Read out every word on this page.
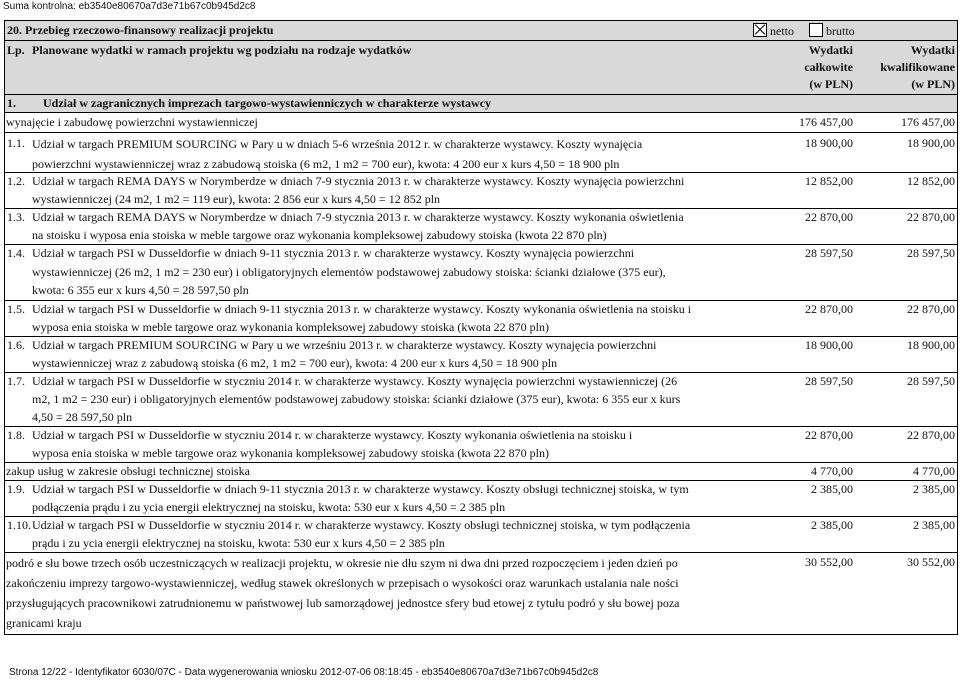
Suma kontrolna: eb3540e80670a7d3e71b67c0b945d2c8
20. Przebieg rzeczowo-finansowy realizacji projektu	netto	brutto
Lp. Planowane wydatki w ramach projektu wg podziału na rodzaje wydatków	Wydatki
całkowite
(w PLN)
Wydatki
kwalifikowane
(w PLN)
1. Udział w zagranicznych imprezach targowo-wystawienniczych w charakterze wystawcy
wynajęcie i zabudowę powierzchni wystawienniczej	176 457,00	176 457,00
1.1. Udział w targach PREMIUM SOURCING w Pary u w dniach 5-6 września 2012 r. w charakterze wystawcy. Koszty wynajęcia
powierzchni wystawienniczej wraz z zabudową stoiska (6 m2, 1 m2 = 700 eur), kwota: 4 200 eur x kurs 4,50 = 18 900 pln
18 900,00	18 900,00
1.2. Udział w targach REMA DAYS w Norymberdze w dniach 7-9 stycznia 2013 r. w charakterze wystawcy. Koszty wynajęcia powierzchni
wystawienniczej (24 m2, 1 m2 = 119 eur), kwota: 2 856 eur x kurs 4,50 = 12 852 pln
12 852,00	12 852,00
1.3. Udział w targach REMA DAYS w Norymberdze w dniach 7-9 stycznia 2013 r. w charakterze wystawcy. Koszty wykonania oświetlenia
na stoisku i wyposa enia stoiska w meble targowe oraz wykonania kompleksowej zabudowy stoiska (kwota 22 870 pln)
22 870,00	22 870,00
1.4. Udział w targach PSI w Dusseldorfie w dniach 9-11 stycznia 2013 r. w charakterze wystawcy. Koszty wynajęcia powierzchni
wystawienniczej (26 m2, 1 m2 = 230 eur) i obligatoryjnych elementów podstawowej zabudowy stoiska: ścianki działowe (375 eur),
kwota: 6 355 eur x kurs 4,50 = 28 597,50 pln
28 597,50	28 597,50
1.5. Udział w targach PSI w Dusseldorfie w dniach 9-11 stycznia 2013 r. w charakterze wystawcy. Koszty wykonania oświetlenia na stoisku i
wyposa enia stoiska w meble targowe oraz wykonania kompleksowej zabudowy stoiska (kwota 22 870 pln)
22 870,00	22 870,00
1.6. Udział w targach PREMIUM SOURCING w Pary u we wrześniu 2013 r. w charakterze wystawcy. Koszty wynajęcia powierzchni
wystawienniczej wraz z zabudową stoiska (6 m2, 1 m2 = 700 eur), kwota: 4 200 eur x kurs 4,50 = 18 900 pln
18 900,00	18 900,00
1.7. Udział w targach PSI w Dusseldorfie w styczniu 2014 r. w charakterze wystawcy. Koszty wynajęcia powierzchni wystawienniczej (26
m2, 1 m2 = 230 eur) i obligatoryjnych elementów podstawowej zabudowy stoiska: ścianki działowe (375 eur), kwota: 6 355 eur x kurs
4,50 = 28 597,50 pln
28 597,50	28 597,50
1.8. Udział w targach PSI w Dusseldorfie w styczniu 2014 r. w charakterze wystawcy. Koszty wykonania oświetlenia na stoisku i
wyposa enia stoiska w meble targowe oraz wykonania kompleksowej zabudowy stoiska (kwota 22 870 pln)
22 870,00	22 870,00
zakup usług w zakresie obsługi technicznej stoiska	4 770,00	4 770,00
1.9. Udział w targach PSI w Dusseldorfie w dniach 9-11 stycznia 2013 r. w charakterze wystawcy. Koszty obsługi technicznej stoiska, w tym
podłączenia prądu i zu ycia energii elektrycznej na stoisku, kwota: 530 eur x kurs 4,50 = 2 385 pln
2 385,00	2 385,00
1.10. Udział w targach PSI w Dusseldorfie w styczniu 2014 r. w charakterze wystawcy. Koszty obsługi technicznej stoiska, w tym podłączenia
prądu i zu ycia energii elektrycznej na stoisku, kwota: 530 eur x kurs 4,50 = 2 385 pln
2 385,00	2 385,00
podró e słu bowe trzech osób uczestniczących w realizacji projektu, w okresie nie dłu szym ni dwa dni przed rozpoczęciem i jeden dzień po
zakończeniu imprezy targowo-wystawienniczej, według stawek określonych w przepisach o wysokości oraz warunkach ustalania nale ności
przysługujących pracownikowi zatrudnionemu w państwowej lub samorządowej jednostce sfery bud etowej z tytułu podró y słu bowej poza
granicami kraju
30 552,00	30 552,00
Strona 12/22 - Identyfikator 6030/07C - Data wygenerowania wniosku 2012-07-06 08:18:45 - eb3540e80670a7d3e71b67c0b945d2c8
